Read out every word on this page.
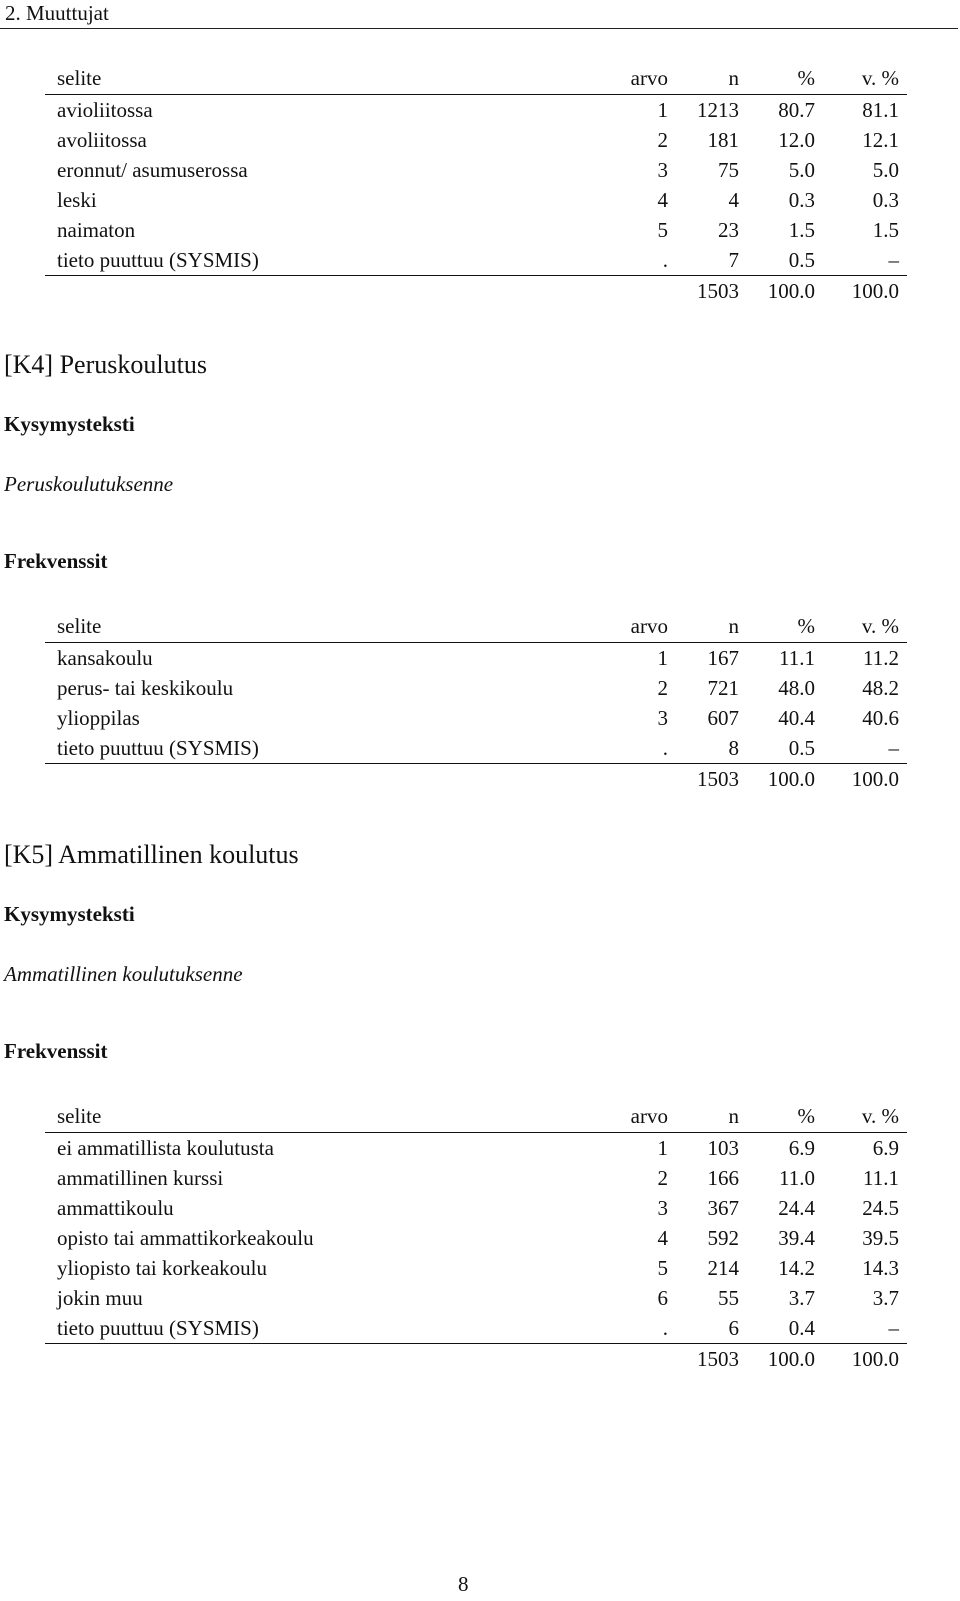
2. Muuttujat
selite	arvo	n	%	v. %
avioliitossa	1	1213	80.7	81.1
avoliitossa	2	181	12.0	12.1
eronnut/ asumuserossa	3	75	5.0	5.0
leski	4	4	0.3	0.3
naimaton	5	23	1.5	1.5
tieto puuttuu (SYSMIS)	.	7	0.5	–
		1503	100.0	100.0
[K4] Peruskoulutus
Kysymysteksti
Peruskoulutuksenne
Frekvenssit
selite	arvo	n	%	v. %
kansakoulu	1	167	11.1	11.2
perus- tai keskikoulu	2	721	48.0	48.2
ylioppilas	3	607	40.4	40.6
tieto puuttuu (SYSMIS)	.	8	0.5	–
		1503	100.0	100.0
[K5] Ammatillinen koulutus
Kysymysteksti
Ammatillinen koulutuksenne
Frekvenssit
selite	arvo	n	%	v. %
ei ammatillista koulutusta	1	103	6.9	6.9
ammatillinen kurssi	2	166	11.0	11.1
ammattikoulu	3	367	24.4	24.5
opisto tai ammattikorkeakoulu	4	592	39.4	39.5
yliopisto tai korkeakoulu	5	214	14.2	14.3
jokin muu	6	55	3.7	3.7
tieto puuttuu (SYSMIS)	.	6	0.4	–
		1503	100.0	100.0
8
